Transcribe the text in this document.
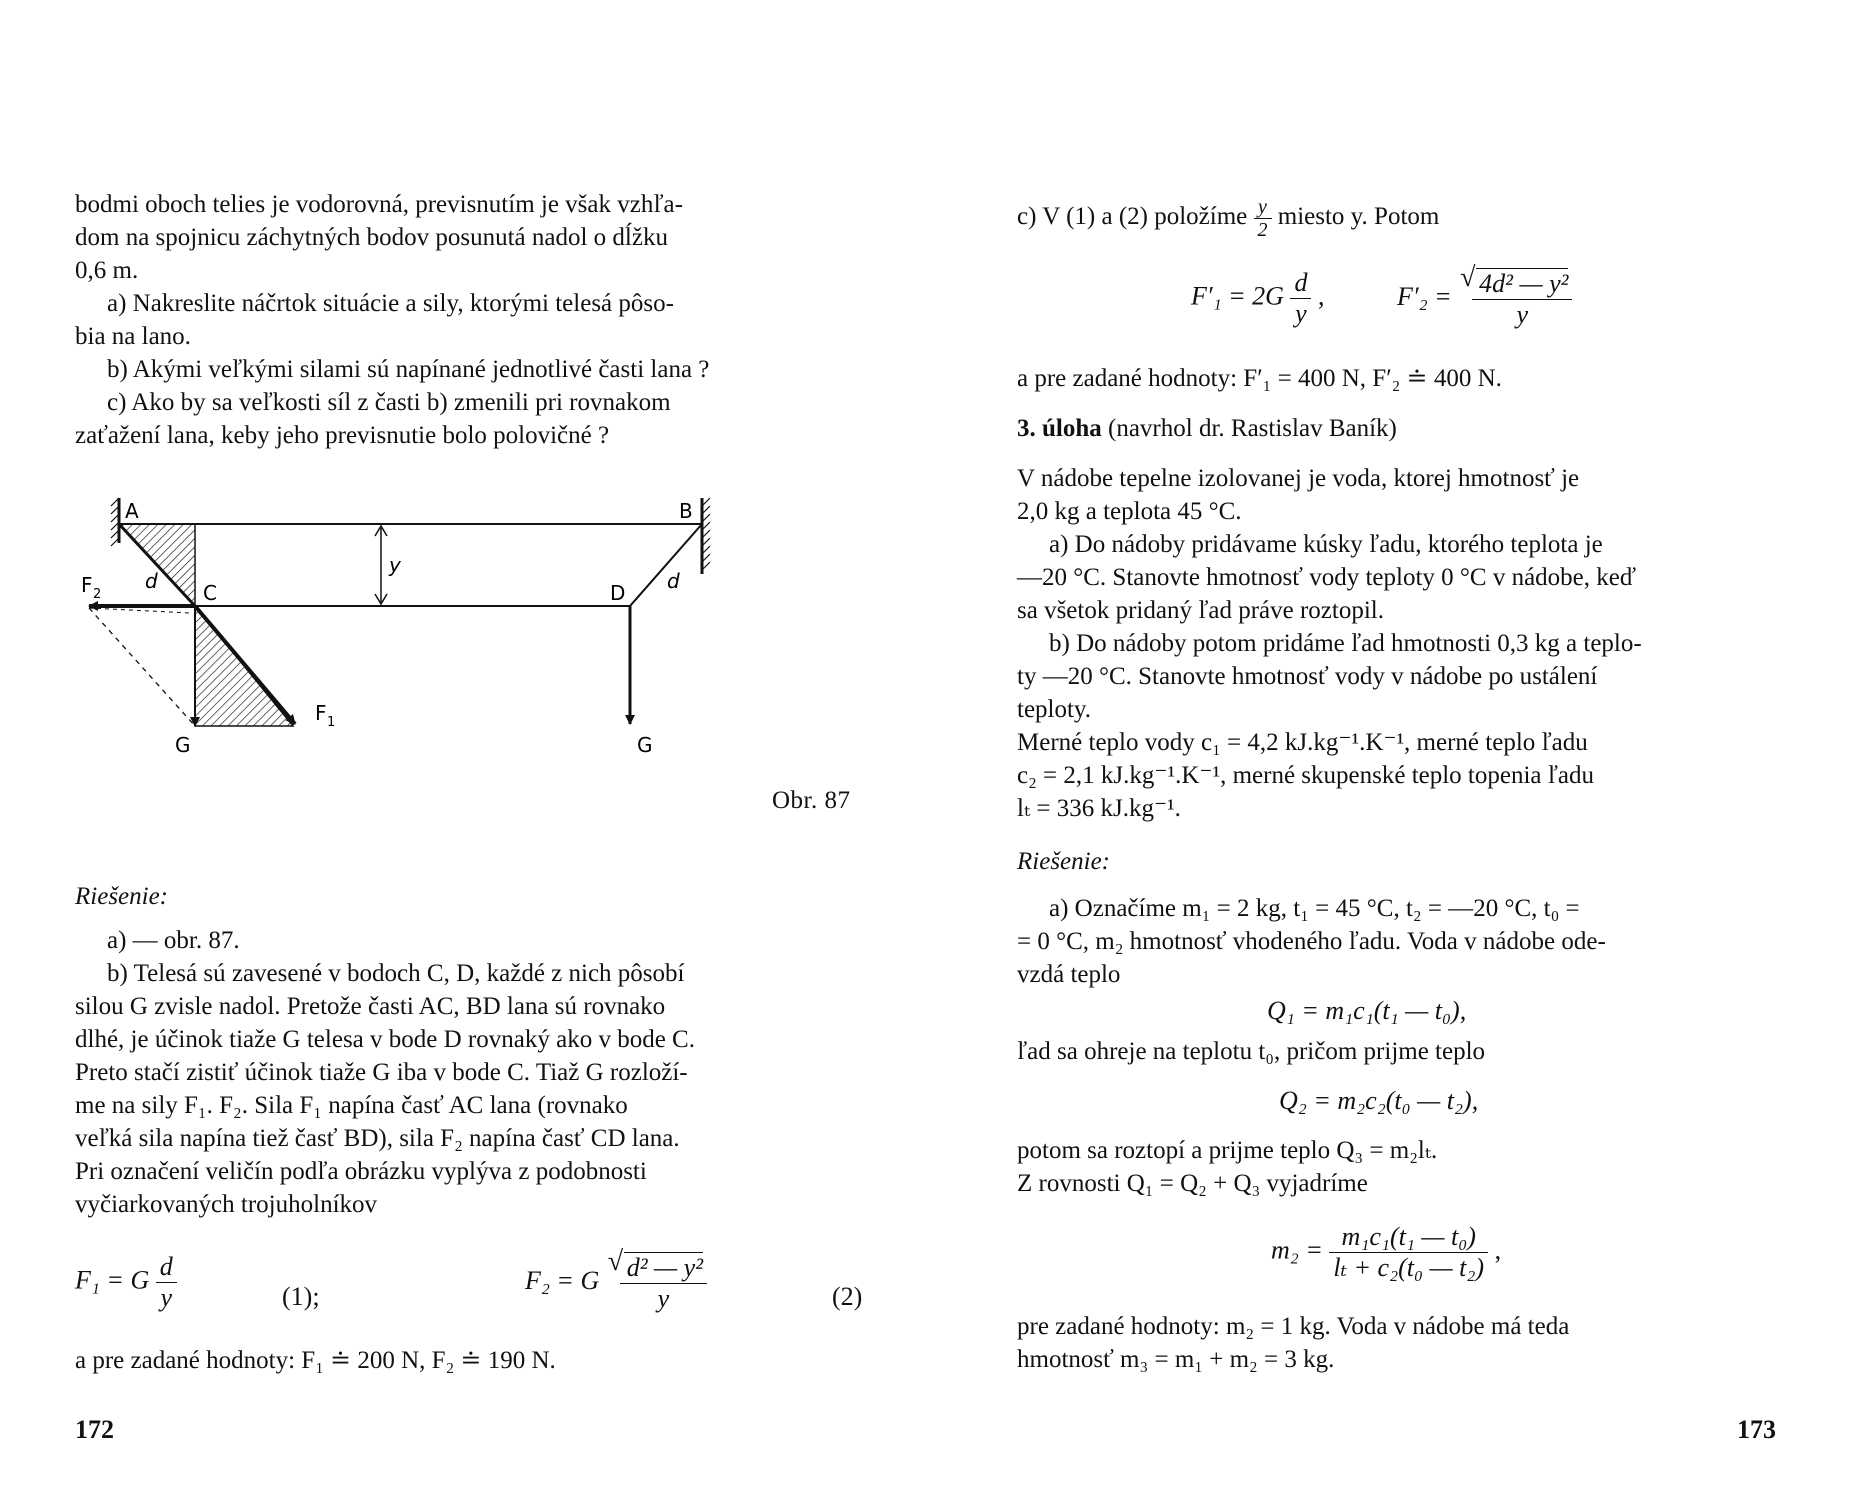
bodmi oboch telies je vodorovná, previsnutím je však vzhľa-

dom na spojnicu záchytných bodov posunutá nadol o dĺžku

0,6 m.

a) Nakreslite náčrtok situácie a sily, ktorými telesá pôso-

bia na lano.

b) Akými veľkými silami sú napínané jednotlivé časti lana ?

c) Ako by sa veľkosti síl z časti b) zmenili pri rovnakom

zaťažení lana, keby jeho previsnutie bolo polovičné ?

A	B
C	D
d	d
y
F 2
F 1
G	G

Obr. 87

Riešenie:

a) — obr. 87.

b) Telesá sú zavesené v bodoch C, D, každé z nich pôsobí

silou G zvisle nadol. Pretože časti AC, BD lana sú rovnako

dlhé, je účinok tiaže G telesa v bode D rovnaký ako v bode C.

Preto stačí zistiť účinok tiaže G iba v bode C. Tiaž G rozloží-

me na sily F₁. F₂. Sila F₁ napína časť AC lana (rovnako

veľká sila napína tiež časť BD), sila F₂ napína časť CD lana.

Pri označení veličín podľa obrázku vyplýva z podobnosti

vyčiarkovaných trojuholníkov

F₁ = G $\frac{d}{y}$	(1);
F₂ = G √ $\frac{\text{d² — y²}}{y}$	(2)

a pre zadané hodnoty: F₁ ≐ 200 N, F₂ ≐ 190 N.

172
c) V (1) a (2) položíme $\frac{y}{2}$ miesto y. Potom
$F'_1 = 2G \frac{d}{y}$ ,	F′₂ = √ $\frac{\text{4d² — y²}}{y}$

a pre zadané hodnoty: F′₁ = 400 N, F′₂ ≐ 400 N.

3. úloha (navrhol dr. Rastislav Baník)

V nádobe tepelne izolovanej je voda, ktorej hmotnosť je

2,0 kg a teplota 45 °C.

a) Do nádoby pridávame kúsky ľadu, ktorého teplota je

—20 °C. Stanovte hmotnosť vody teploty 0 °C v nádobe, keď

sa všetok pridaný ľad práve roztopil.

b) Do nádoby potom pridáme ľad hmotnosti 0,3 kg a teplo-

ty —20 °C. Stanovte hmotnosť vody v nádobe po ustálení

teploty.

Merné teplo vody c₁ = 4,2 kJ.kg⁻¹.K⁻¹, merné teplo ľadu

c₂ = 2,1 kJ.kg⁻¹.K⁻¹, merné skupenské teplo topenia ľadu

lₜ = 336 kJ.kg⁻¹.

Riešenie:

a) Označíme m₁ = 2 kg, t₁ = 45 °C, t₂ = —20 °C, t₀ =

= 0 °C, m₂ hmotnosť vhodeného ľadu. Voda v nádobe ode-

vzdá teplo

Q₁ = m₁c₁(t₁ — t₀),

ľad sa ohreje na teplotu t₀, pričom prijme teplo

Q₂ = m₂c₂(t₀ — t₂),

potom sa roztopí a prijme teplo Q₃ = m₂lₜ.

Z rovnosti Q₁ = Q₂ + Q₃ vyjadríme

$m_2 = \frac{\text{m₁c₁(t₁ — t₀)}}{\text{lₜ + c₂(t₀ — t₂)}}$ ,

pre zadané hodnoty: m₂ = 1 kg. Voda v nádobe má teda

hmotnosť m₃ = m₁ + m₂ = 3 kg.

173
